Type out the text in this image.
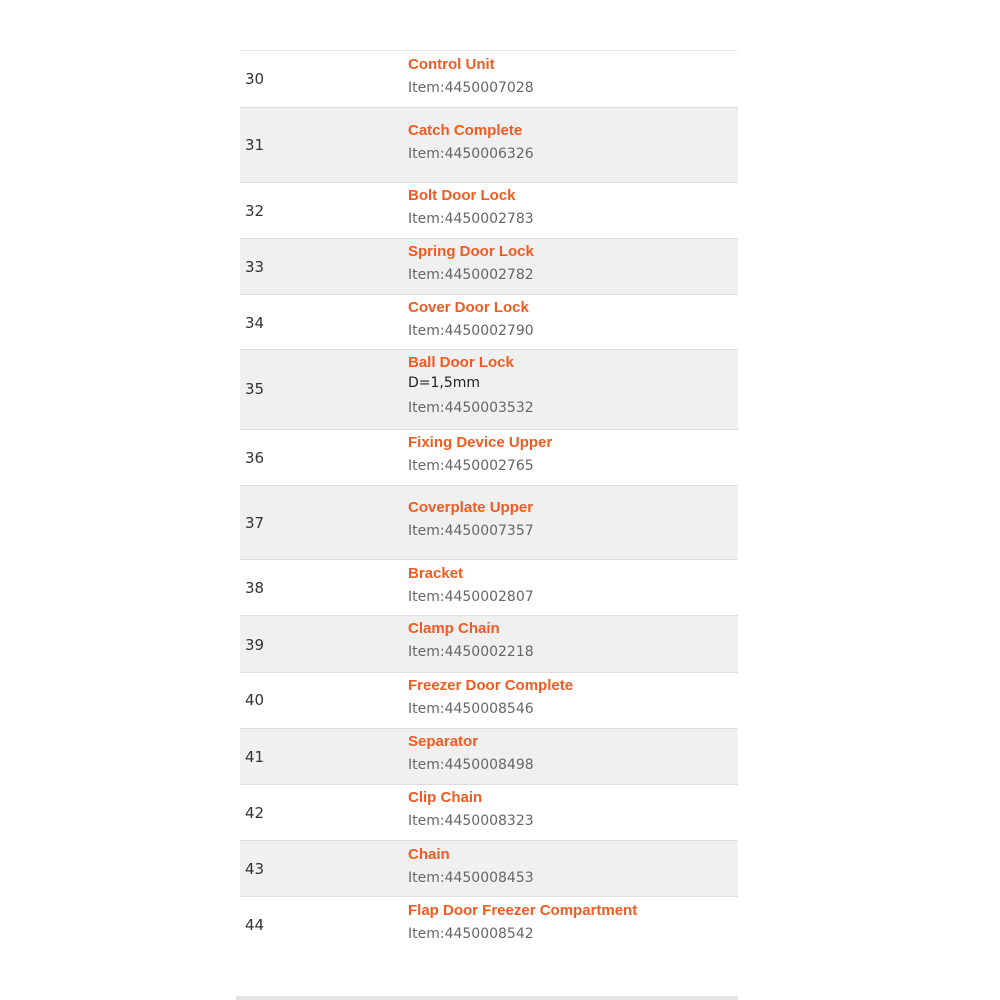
30
Control Unit
Item:4450007028
31
Catch Complete
Item:4450006326
32
Bolt Door Lock
Item:4450002783
33
Spring Door Lock
Item:4450002782
34
Cover Door Lock
Item:4450002790
35
Ball Door Lock
D=1,5mm
Item:4450003532
36
Fixing Device Upper
Item:4450002765
37
Coverplate Upper
Item:4450007357
38
Bracket
Item:4450002807
39
Clamp Chain
Item:4450002218
40
Freezer Door Complete
Item:4450008546
41
Separator
Item:4450008498
42
Clip Chain
Item:4450008323
43
Chain
Item:4450008453
44
Flap Door Freezer Compartment
Item:4450008542
